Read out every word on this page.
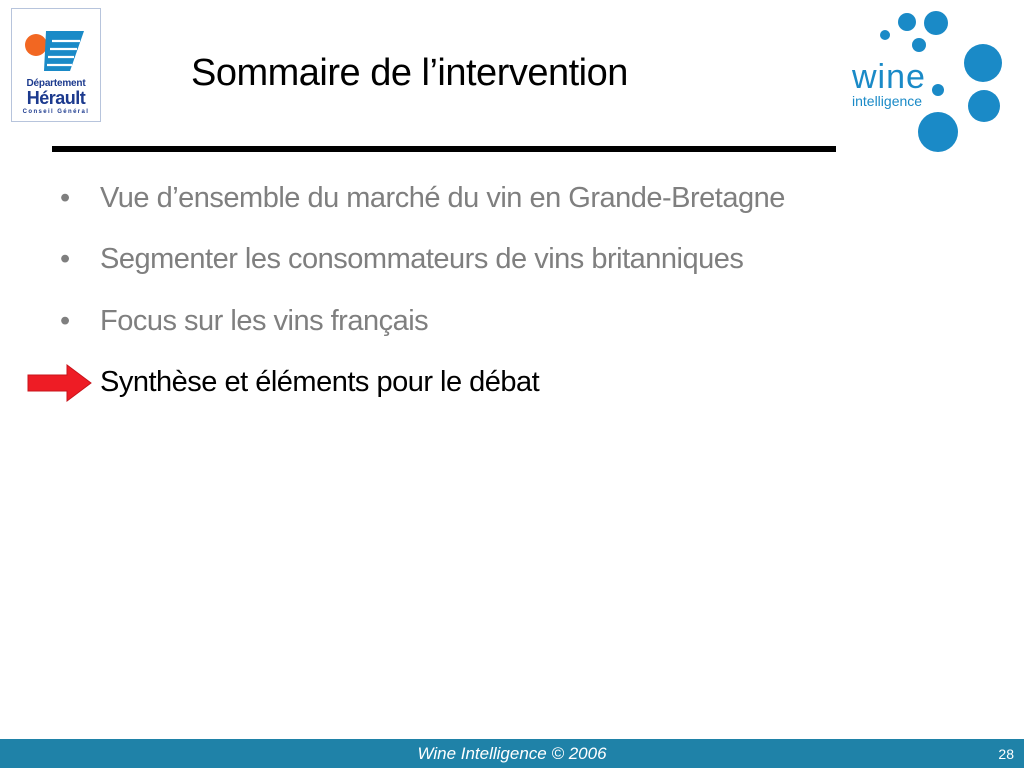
Département
Hérault
Conseil Général
Sommaire de l’intervention	wine
intelligence
• Vue d’ensemble du marché du vin en Grande-Bretagne
• Segmenter les consommateurs de vins britanniques
• Focus sur les vins français
Synthèse et éléments pour le débat
Wine Intelligence © 2006	28
